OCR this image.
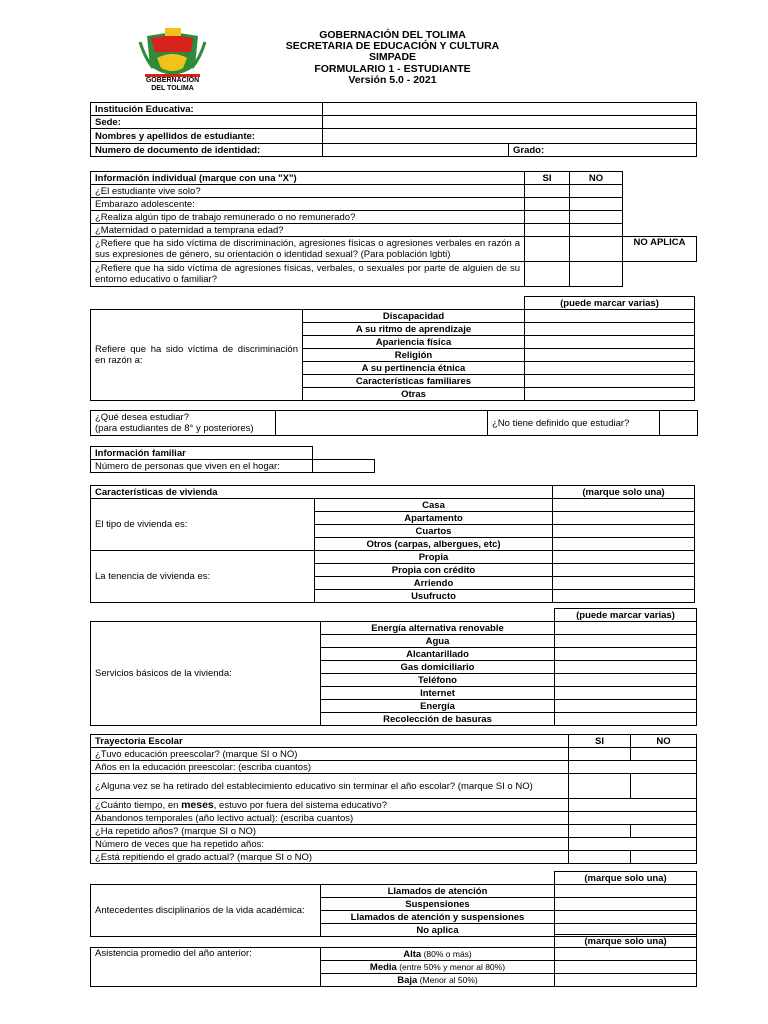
GOBERNACIÓN
DEL TOLIMA
GOBERNACIÓN DEL TOLIMA
SECRETARIA DE EDUCACIÓN Y CULTURA
SIMPADE
FORMULARIO 1 - ESTUDIANTE
Versión 5.0 - 2021
Institución Educativa:		
Sede:		
Nombres y apellidos de estudiante:		
Numero de documento de identidad:		Grado:
Información individual (marque con una "X")	SI	NO	
¿El estudiante vive solo?			
Embarazo adolescente:			
¿Realiza algún tipo de trabajo remunerado o no remunerado?			
¿Maternidad o paternidad a temprana edad?			
¿Refiere que ha sido víctima de discriminación, agresiones físicas o agresiones verbales en razón a sus expresiones de género, su orientación o identidad sexual? (Para población lgbti)			NO APLICA
¿Refiere que ha sido víctima de agresiones físicas, verbales, o sexuales por parte de alguien de su entorno educativo o familiar?			
		(puede marcar varias)
Refiere que ha sido víctima de discriminación en razón a:	Discapacidad	
	A su ritmo de aprendizaje	
	Apariencia física	
	Religión	
	A su pertinencia étnica	
	Características familiares	
	Otras	
¿Qué desea estudiar?
(para estudiantes de 8° y posteriores)		¿No tiene definido que estudiar?	
Información familiar	
Número de personas que viven en el hogar:	
Características de vivienda		(marque solo una)
El tipo de vivienda es:	Casa	
	Apartamento	
	Cuartos	
	Otros (carpas, albergues, etc)	
La tenencia de vivienda es:	Propia	
	Propia con crédito	
	Arriendo	
	Usufructo	
		(puede marcar varias)
Servicios básicos de la vivienda:	Energía alternativa renovable	
	Agua	
	Alcantarillado	
	Gas domiciliario	
	Teléfono	
	Internet	
	Energía	
	Recolección de basuras	
Trayectoria Escolar	SI	NO
¿Tuvo educación preescolar? (marque SI o NO)		
Años en la educación preescolar: (escriba cuantos)		
¿Alguna vez se ha retirado del establecimiento educativo sin terminar el año escolar? (marque SI o NO)		
¿Cuánto tiempo, en meses, estuvo por fuera del sistema educativo?		
Abandonos temporales (año lectivo actual): (escriba cuantos)		
¿Ha repetido años? (marque SI o NO)		
Número de veces que ha repetido años:		
¿Está repitiendo el grado actual? (marque SI o NO)		
		(marque solo una)
Antecedentes disciplinarios de la vida académica:	Llamados de atención	
	Suspensiones	
	Llamados de atención y suspensiones	
	No aplica	
		(marque solo una)
Asistencia promedio del año anterior:	Alta (80% o más)	
	Media (entre 50% y menor al 80%)	
	Baja (Menor al 50%)	
